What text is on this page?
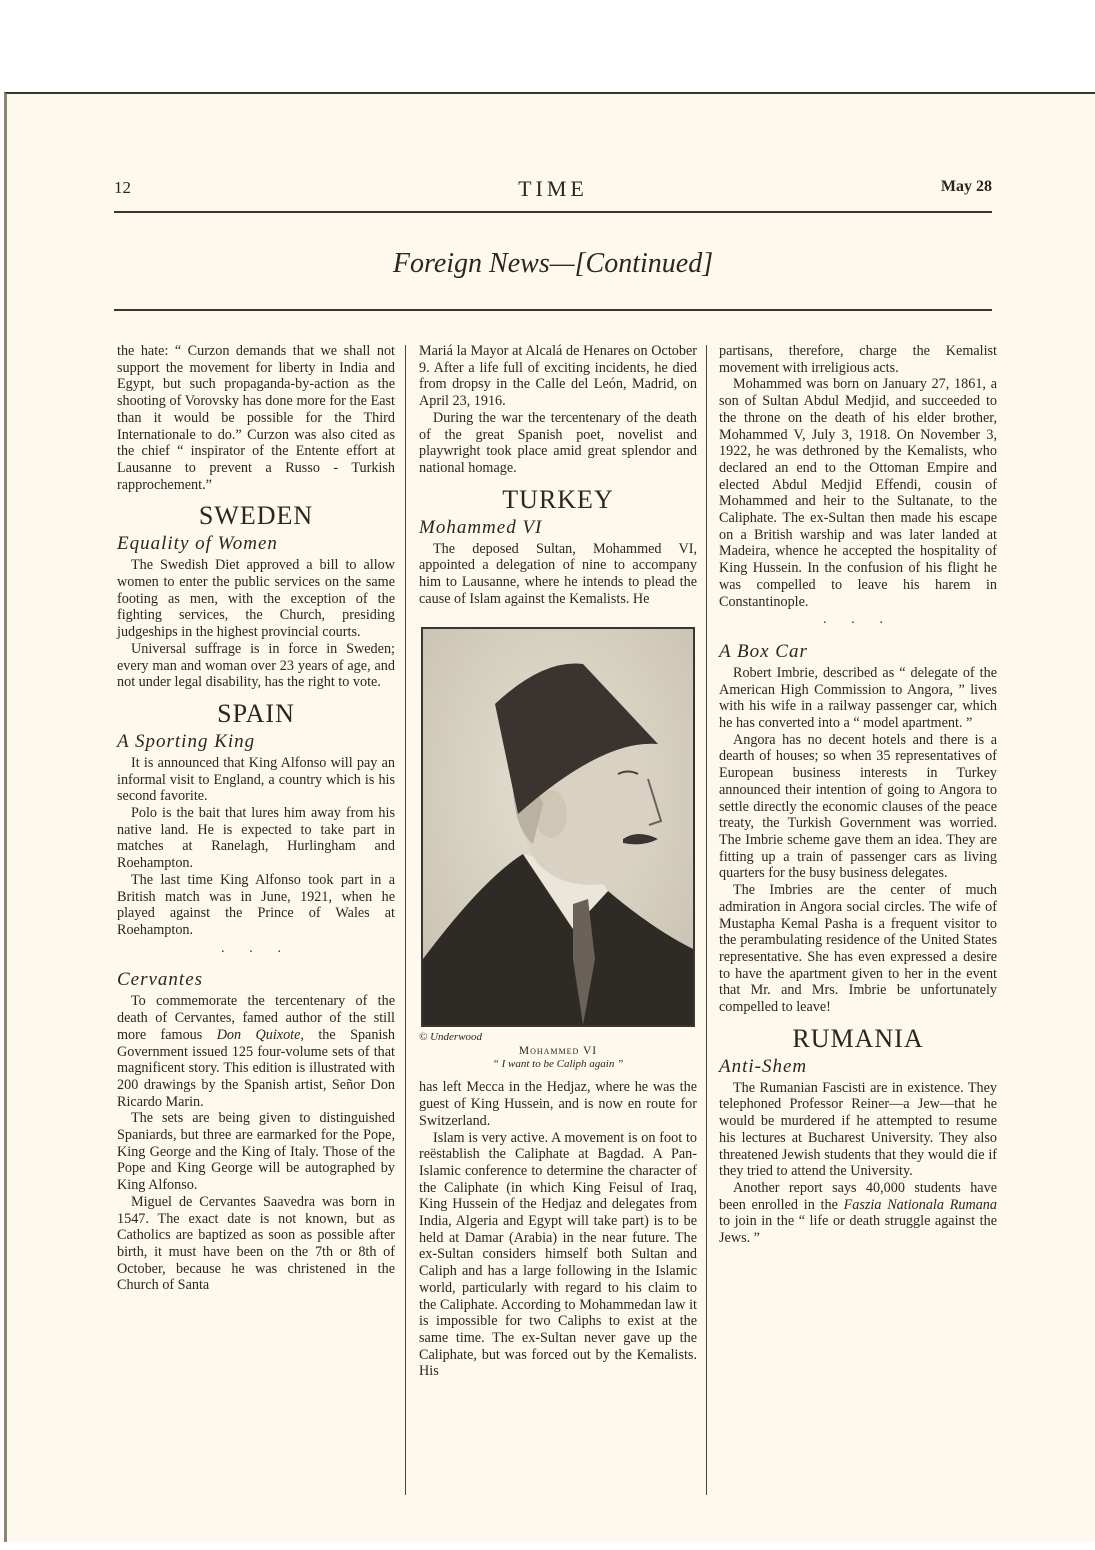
12	TIME	May 28
Foreign News—[Continued]

the hate: “ Curzon demands that we shall not support the movement for liberty in India and Egypt, but such propaganda-by-action as the shooting of Vorovsky has done more for the East than it would be possible for the Third Internationale to do.” Curzon was also cited as the chief “ inspirator of the Entente effort at Lausanne to prevent a Russo - Turkish rapprochement.”

SWEDEN
Equality of Women

The Swedish Diet approved a bill to allow women to enter the public services on the same footing as men, with the exception of the fighting services, the Church, presiding judgeships in the highest provincial courts.

Universal suffrage is in force in Sweden; every man and woman over 23 years of age, and not under legal disability, has the right to vote.

SPAIN
A Sporting King

It is announced that King Alfonso will pay an informal visit to England, a country which is his second favorite.

Polo is the bait that lures him away from his native land. He is expected to take part in matches at Ranelagh, Hurlingham and Roehampton.

The last time King Alfonso took part in a British match was in June, 1921, when he played against the Prince of Wales at Roehampton.

· · ·
Cervantes

To commemorate the tercentenary of the death of Cervantes, famed author of the still more famous Don Quixote, the Spanish Government issued 125 four-volume sets of that magnificent story. This edition is illustrated with 200 drawings by the Spanish artist, Señor Don Ricardo Marin.

The sets are being given to distinguished Spaniards, but three are earmarked for the Pope, King George and the King of Italy. Those of the Pope and King George will be autographed by King Alfonso.

Miguel de Cervantes Saavedra was born in 1547. The exact date is not known, but as Catholics are baptized as soon as possible after birth, it must have been on the 7th or 8th of October, because he was christened in the Church of Santa

Mariá la Mayor at Alcalá de Henares on October 9. After a life full of exciting incidents, he died from dropsy in the Calle del León, Madrid, on April 23, 1916.

During the war the tercentenary of the death of the great Spanish poet, novelist and playwright took place amid great splendor and national homage.

TURKEY
Mohammed VI

The deposed Sultan, Mohammed VI, appointed a delegation of nine to accompany him to Lausanne, where he intends to plead the cause of Islam against the Kemalists. He

© Underwood
Mohammed VI
“ I want to be Caliph again ”

has left Mecca in the Hedjaz, where he was the guest of King Hussein, and is now en route for Switzerland.

Islam is very active. A movement is on foot to reëstablish the Caliphate at Bagdad. A Pan-Islamic conference to determine the character of the Caliphate (in which King Feisul of Iraq, King Hussein of the Hedjaz and delegates from India, Algeria and Egypt will take part) is to be held at Damar (Arabia) in the near future. The ex-Sultan considers himself both Sultan and Caliph and has a large following in the Islamic world, particularly with regard to his claim to the Caliphate. According to Mohammedan law it is impossible for two Caliphs to exist at the same time. The ex-Sultan never gave up the Caliphate, but was forced out by the Kemalists. His

partisans, therefore, charge the Kemalist movement with irreligious acts.

Mohammed was born on January 27, 1861, a son of Sultan Abdul Medjid, and succeeded to the throne on the death of his elder brother, Mohammed V, July 3, 1918. On November 3, 1922, he was dethroned by the Kemalists, who declared an end to the Ottoman Empire and elected Abdul Medjid Effendi, cousin of Mohammed and heir to the Sultanate, to the Caliphate. The ex-Sultan then made his escape on a British warship and was later landed at Madeira, whence he accepted the hospitality of King Hussein. In the confusion of his flight he was compelled to leave his harem in Constantinople.

· · ·
A Box Car

Robert Imbrie, described as “ delegate of the American High Commission to Angora, ” lives with his wife in a railway passenger car, which he has converted into a “ model apartment. ”

Angora has no decent hotels and there is a dearth of houses; so when 35 representatives of European business interests in Turkey announced their intention of going to Angora to settle directly the economic clauses of the peace treaty, the Turkish Government was worried. The Imbrie scheme gave them an idea. They are fitting up a train of passenger cars as living quarters for the busy business delegates.

The Imbries are the center of much admiration in Angora social circles. The wife of Mustapha Kemal Pasha is a frequent visitor to the perambulating residence of the United States representative. She has even expressed a desire to have the apartment given to her in the event that Mr. and Mrs. Imbrie be unfortunately compelled to leave!

RUMANIA
Anti-Shem

The Rumanian Fascisti are in existence. They telephoned Professor Reiner—a Jew—that he would be murdered if he attempted to resume his lectures at Bucharest University. They also threatened Jewish students that they would die if they tried to attend the University.

Another report says 40,000 students have been enrolled in the Faszia Nationala Rumana to join in the “ life or death struggle against the Jews. ”
